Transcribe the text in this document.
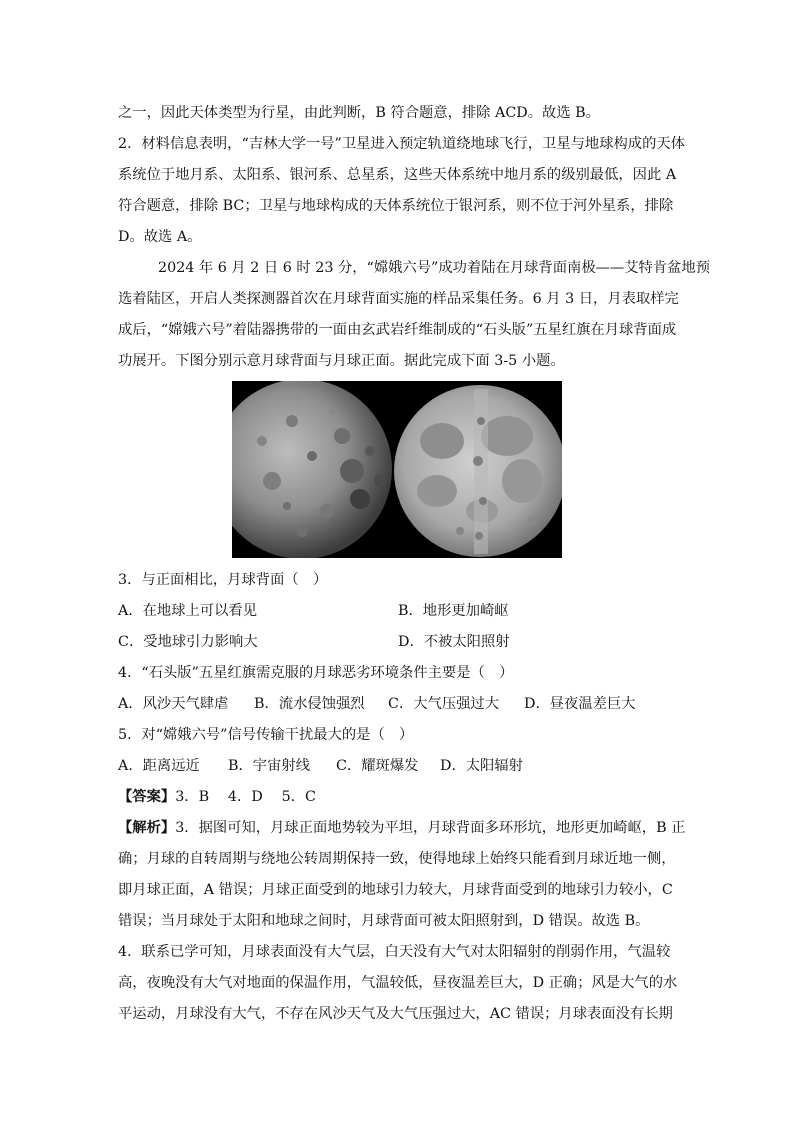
之一，因此天体类型为行星，由此判断，B 符合题意，排除 ACD。故选 B。
2．材料信息表明，“吉林大学一号”卫星进入预定轨道绕地球飞行，卫星与地球构成的天体
系统位于地月系、太阳系、银河系、总星系，这些天体系统中地月系的级别最低，因此 A
符合题意，排除 BC；卫星与地球构成的天体系统位于银河系，则不位于河外星系，排除
D。故选 A。
2024 年 6 月 2 日 6 时 23 分，“嫦娥六号”成功着陆在月球背面南极——艾特肯盆地预
选着陆区，开启人类探测器首次在月球背面实施的样品采集任务。6 月 3 日，月表取样完
成后，“嫦娥六号”着陆器携带的一面由玄武岩纤维制成的“石头版”五星红旗在月球背面成
功展开。下图分别示意月球背面与月球正面。据此完成下面 3-5 小题。
3．与正面相比，月球背面（　）
A．在地球上可以看见	B．地形更加崎岖
C．受地球引力影响大	D．不被太阳照射
4．“石头版”五星红旗需克服的月球恶劣环境条件主要是（　）
A．风沙天气肆虐 B．流水侵蚀强烈 C．大气压强过大 D．昼夜温差巨大
5．对“嫦娥六号”信号传输干扰最大的是（　）
A．距离远近 B．宇宙射线 C．耀斑爆发 D．太阳辐射
【答案】3．B　 4．D　 5．C
【解析】3．据图可知，月球正面地势较为平坦，月球背面多环形坑，地形更加崎岖，B 正
确；月球的自转周期与绕地公转周期保持一致，使得地球上始终只能看到月球近地一侧，
即月球正面，A 错误；月球正面受到的地球引力较大，月球背面受到的地球引力较小，C
错误；当月球处于太阳和地球之间时，月球背面可被太阳照射到，D 错误。故选 B。
4．联系已学可知，月球表面没有大气层，白天没有大气对太阳辐射的削弱作用，气温较
高，夜晚没有大气对地面的保温作用，气温较低，昼夜温差巨大，D 正确；风是大气的水
平运动，月球没有大气，不存在风沙天气及大气压强过大，AC 错误；月球表面没有长期
